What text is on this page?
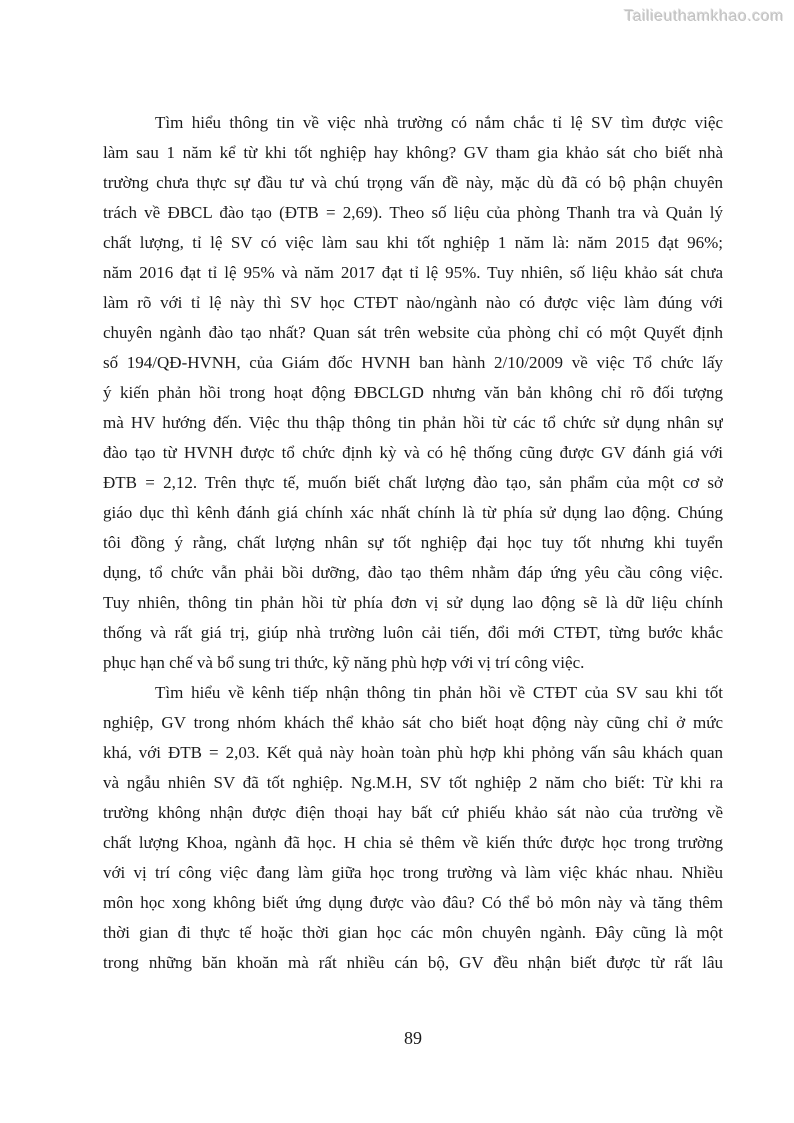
Tailieuthamkhao.com
Tìm hiểu thông tin về việc nhà trường có nắm chắc tỉ lệ SV tìm được việc
làm sau 1 năm kể từ khi tốt nghiệp hay không? GV tham gia khảo sát cho biết nhà
trường chưa thực sự đầu tư và chú trọng vấn đề này, mặc dù đã có bộ phận chuyên
trách về ĐBCL đào tạo (ĐTB = 2,69). Theo số liệu của phòng Thanh tra và Quản lý
chất lượng, tỉ lệ SV có việc làm sau khi tốt nghiệp 1 năm là: năm 2015 đạt 96%;
năm 2016 đạt tỉ lệ 95% và năm 2017 đạt tỉ lệ 95%. Tuy nhiên, số liệu khảo sát chưa
làm rõ với tỉ lệ này thì SV học CTĐT nào/ngành nào có được việc làm đúng với
chuyên ngành đào tạo nhất? Quan sát trên website của phòng chỉ có một Quyết định
số 194/QĐ-HVNH, của Giám đốc HVNH ban hành 2/10/2009 về việc Tổ chức lấy
ý kiến phản hồi trong hoạt động ĐBCLGD nhưng văn bản không chỉ rõ đối tượng
mà HV hướng đến. Việc thu thập thông tin phản hồi từ các tổ chức sử dụng nhân sự
đào tạo từ HVNH được tổ chức định kỳ và có hệ thống cũng được GV đánh giá với
ĐTB = 2,12. Trên thực tế, muốn biết chất lượng đào tạo, sản phẩm của một cơ sở
giáo dục thì kênh đánh giá chính xác nhất chính là từ phía sử dụng lao động. Chúng
tôi đồng ý rằng, chất lượng nhân sự tốt nghiệp đại học tuy tốt nhưng khi tuyển
dụng, tổ chức vẫn phải bồi dưỡng, đào tạo thêm nhằm đáp ứng yêu cầu công việc.
Tuy nhiên, thông tin phản hồi từ phía đơn vị sử dụng lao động sẽ là dữ liệu chính
thống và rất giá trị, giúp nhà trường luôn cải tiến, đổi mới CTĐT, từng bước khắc
phục hạn chế và bổ sung tri thức, kỹ năng phù hợp với vị trí công việc.
Tìm hiểu về kênh tiếp nhận thông tin phản hồi về CTĐT của SV sau khi tốt
nghiệp, GV trong nhóm khách thể khảo sát cho biết hoạt động này cũng chỉ ở mức
khá, với ĐTB = 2,03. Kết quả này hoàn toàn phù hợp khi phỏng vấn sâu khách quan
và ngẫu nhiên SV đã tốt nghiệp. Ng.M.H, SV tốt nghiệp 2 năm cho biết: Từ khi ra
trường không nhận được điện thoại hay bất cứ phiếu khảo sát nào của trường về
chất lượng Khoa, ngành đã học. H chia sẻ thêm về kiến thức được học trong trường
với vị trí công việc đang làm giữa học trong trường và làm việc khác nhau. Nhiều
môn học xong không biết ứng dụng được vào đâu? Có thể bỏ môn này và tăng thêm
thời gian đi thực tế hoặc thời gian học các môn chuyên ngành. Đây cũng là một
trong những băn khoăn mà rất nhiều cán bộ, GV đều nhận biết được từ rất lâu
89
